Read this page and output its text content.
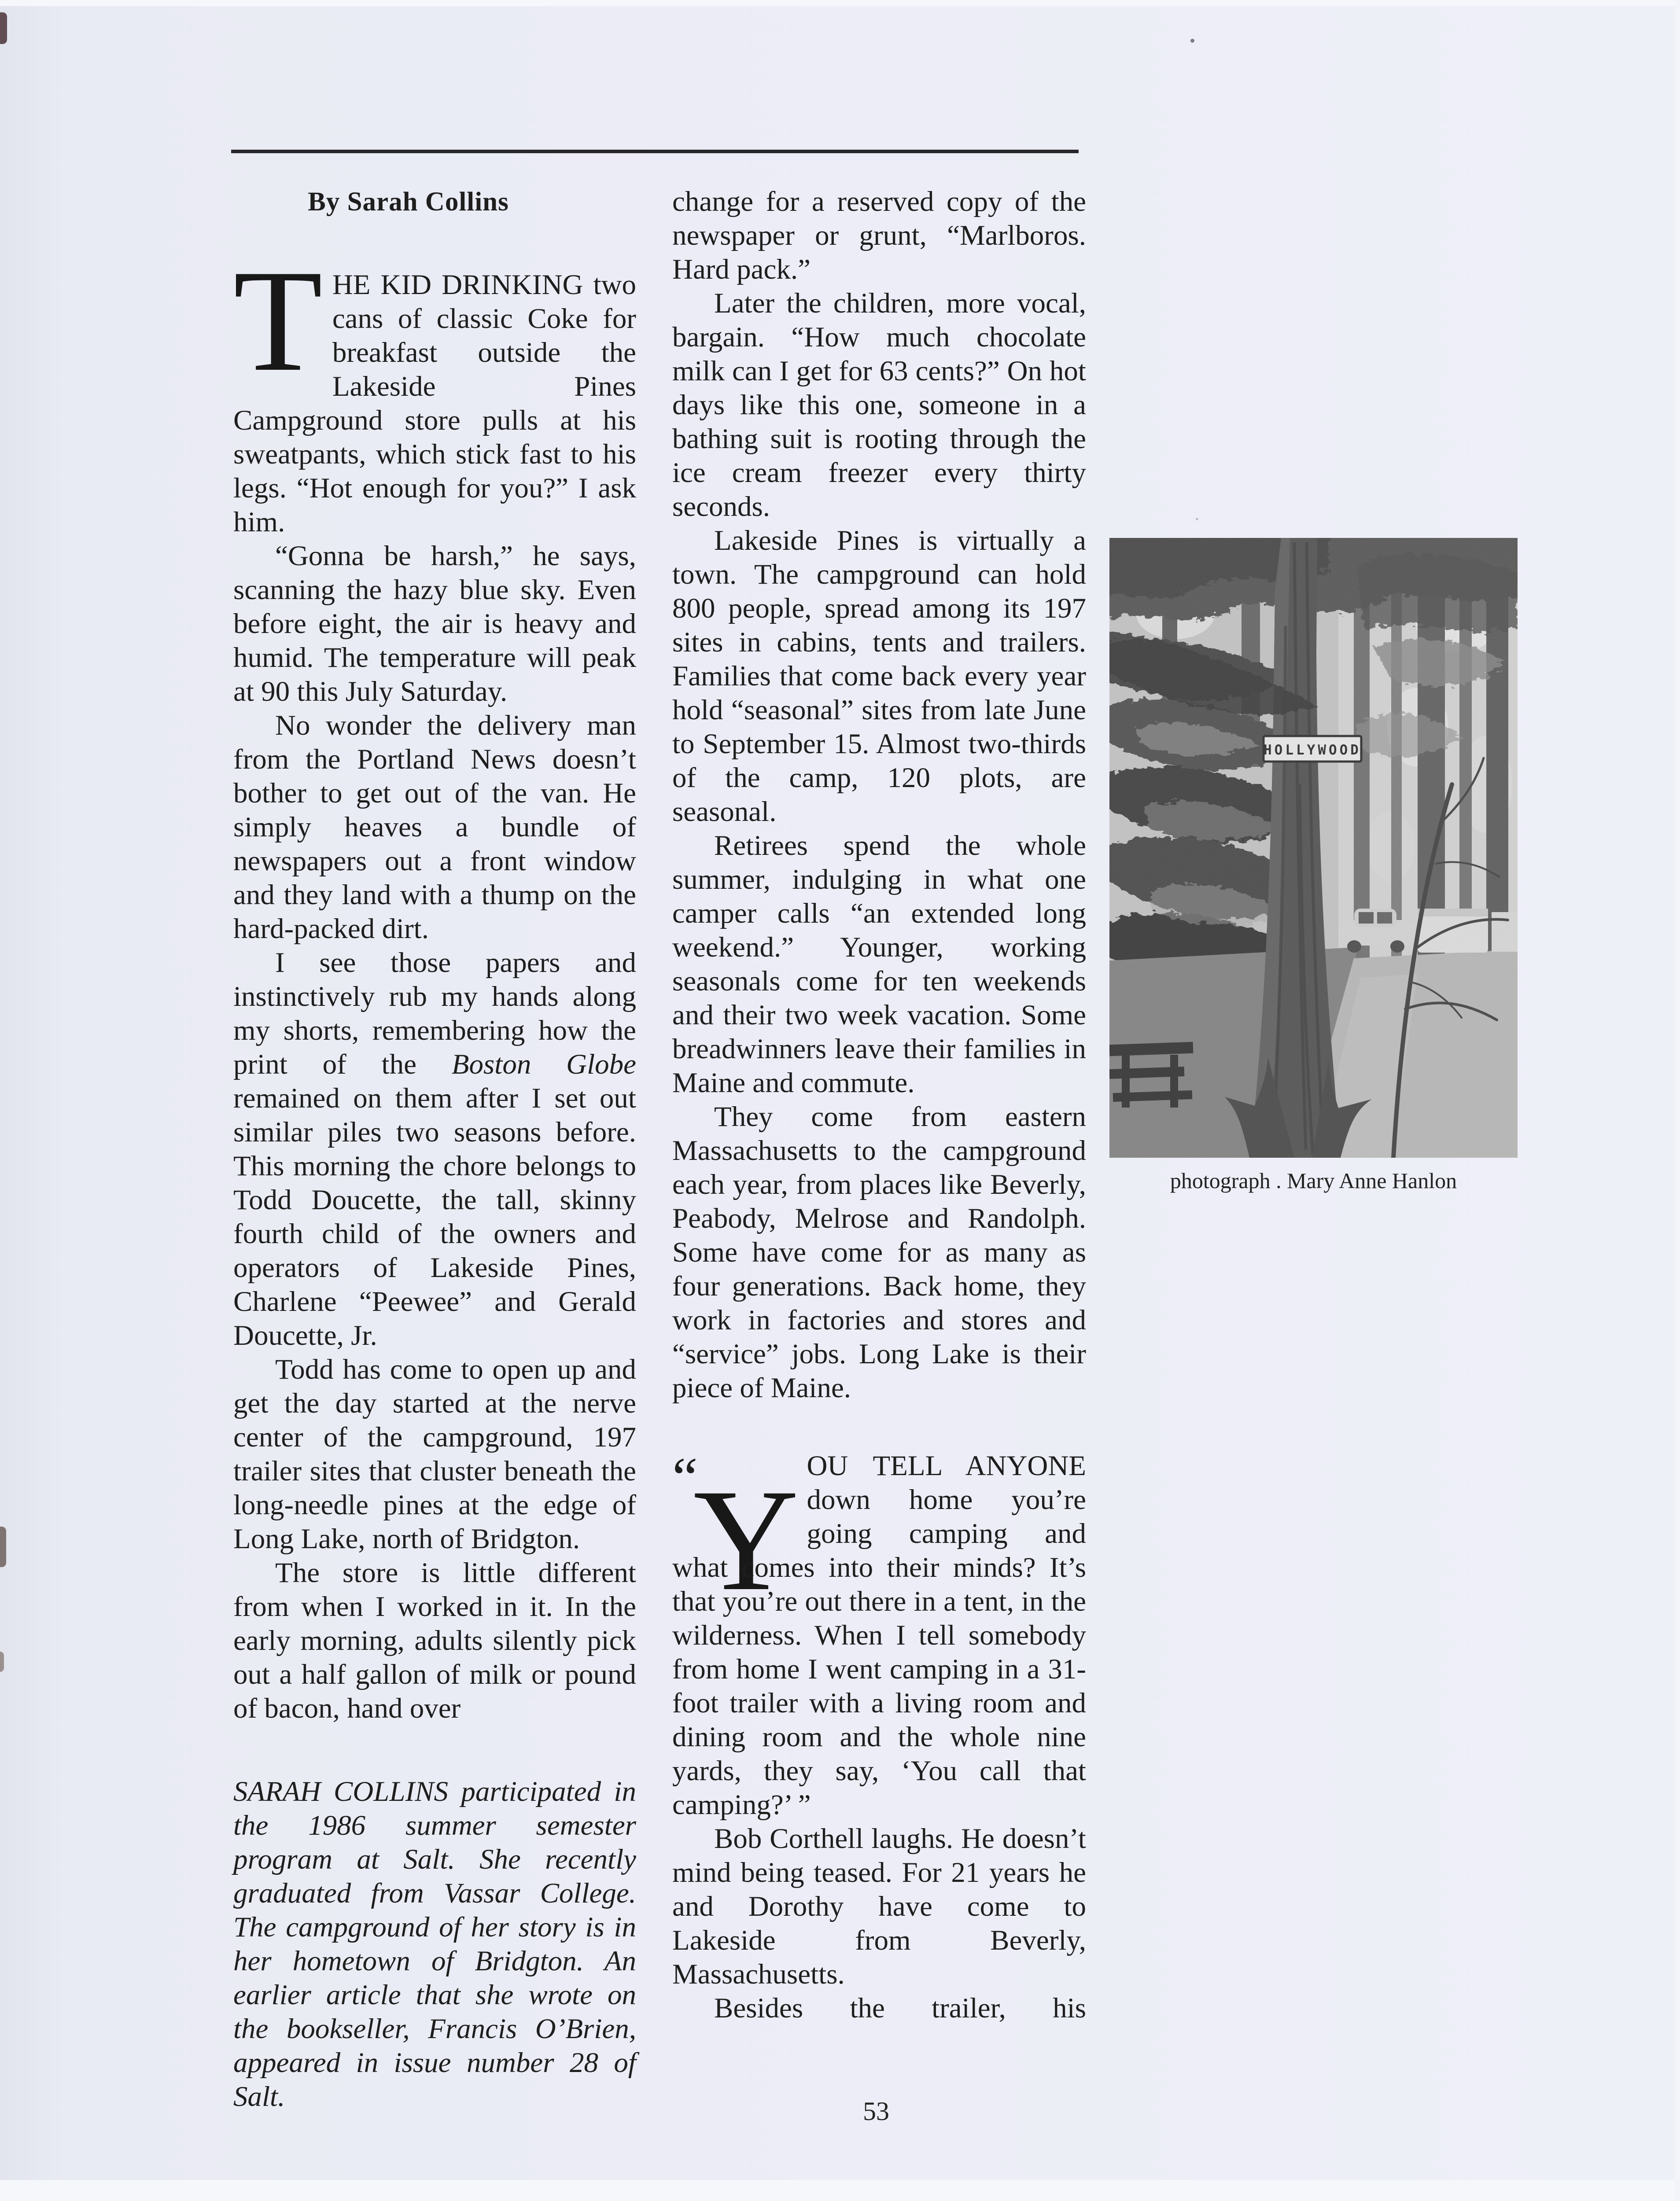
By Sarah Collins

THE KID DRINKING two cans of classic Coke for breakfast outside the Lakeside Pines Campground store pulls at his sweatpants, which stick fast to his legs. “Hot enough for you?” I ask him.

“Gonna be harsh,” he says, scanning the hazy blue sky. Even before eight, the air is heavy and humid. The temperature will peak at 90 this July Saturday.

No wonder the delivery man from the Portland News doesn’t bother to get out of the van. He simply heaves a bundle of newspapers out a front window and they land with a thump on the hard-packed dirt.

I see those papers and instinctively rub my hands along my shorts, remembering how the print of the Boston Globe remained on them after I set out similar piles two seasons before. This morning the chore belongs to Todd Doucette, the tall, skinny fourth child of the owners and operators of Lakeside Pines, Charlene “Peewee” and Gerald Doucette, Jr.

Todd has come to open up and get the day started at the nerve center of the campground, 197 trailer sites that cluster beneath the long-needle pines at the edge of Long Lake, north of Bridgton.

The store is little different from when I worked in it. In the early morning, adults silently pick out a half gallon of milk or pound of bacon, hand over

SARAH COLLINS participated in the 1986 summer semester program at Salt. She recently graduated from Vassar College. The campground of her story is in her hometown of Bridgton. An earlier article that she wrote on the bookseller, Francis O’Brien, appeared in issue number 28 of Salt.

change for a reserved copy of the newspaper or grunt, “Marlboros. Hard pack.”

Later the children, more vocal, bargain. “How much chocolate milk can I get for 63 cents?” On hot days like this one, someone in a bathing suit is rooting through the ice cream freezer every thirty seconds.

Lakeside Pines is virtually a town. The campground can hold 800 people, spread among its 197 sites in cabins, tents and trailers. Families that come back every year hold “seasonal” sites from late June to September 15. Almost two-thirds of the camp, 120 plots, are seasonal.

Retirees spend the whole summer, indulging in what one camper calls “an extended long weekend.” Younger, working seasonals come for ten weekends and their two week vacation. Some breadwinners leave their families in Maine and commute.

They come from eastern Massachusetts to the campground each year, from places like Beverly, Peabody, Melrose and Randolph. Some have come for as many as four generations. Back home, they work in factories and stores and “service” jobs. Long Lake is their piece of Maine.

“Y OU TELL ANYONE down home you’re going camping and what comes into their minds? It’s that you’re out there in a tent, in the wilderness. When I tell somebody from home I went camping in a 31-foot trailer with a living room and dining room and the whole nine yards, they say, ‘You call that camping?’ ”

Bob Corthell laughs. He doesn’t mind being teased. For 21 years he and Dorothy have come to Lakeside from Beverly, Massachusetts.

Besides the trailer, his

photograph . Mary Anne Hanlon
53
